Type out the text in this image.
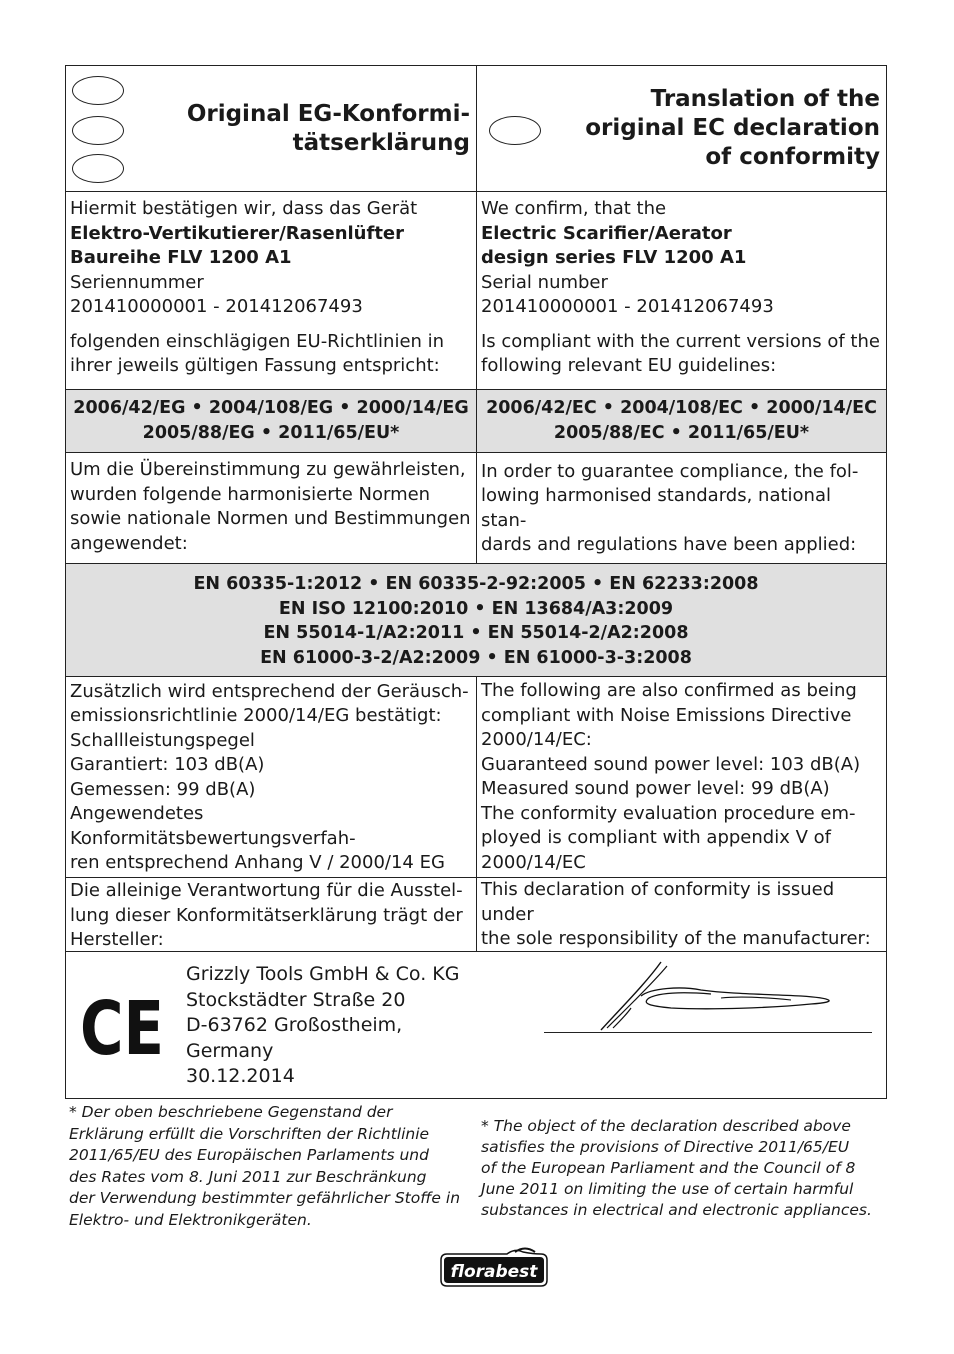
Original EG-Konformi-
tätserklärung
Translation of the
original EC declaration
of conformity
Hiermit bestätigen wir, dass das Gerät
Elektro-Vertikutierer/Rasenlüfter
Baureihe FLV 1200 A1
Seriennummer
201410000001 - 201412067493
folgenden einschlägigen EU-Richtlinien in
ihrer jeweils gültigen Fassung entspricht:
We confirm, that the
Electric Scarifier/Aerator
design series FLV 1200 A1
Serial number
201410000001 - 201412067493
Is compliant with the current versions of the
following relevant EU guidelines:
2006/42/EG • 2004/108/EG • 2000/14/EG
2005/88/EG • 2011/65/EU*
2006/42/EC • 2004/108/EC • 2000/14/EC
2005/88/EC • 2011/65/EU*
Um die Übereinstimmung zu gewährleisten,
wurden folgende harmonisierte Normen
sowie nationale Normen und Bestimmungen
angewendet:
In order to guarantee compliance, the fol-
lowing harmonised standards, national stan-
dards and regulations have been applied:
EN 60335-1:2012 • EN 60335-2-92:2005 • EN 62233:2008
EN ISO 12100:2010 • EN 13684/A3:2009
EN 55014-1/A2:2011 • EN 55014-2/A2:2008
EN 61000-3-2/A2:2009 • EN 61000-3-3:2008
Zusätzlich wird entsprechend der Geräusch-
emissionsrichtlinie 2000/14/EG bestätigt:
Schallleistungspegel
Garantiert: 103 dB(A)
Gemessen: 99 dB(A)
Angewendetes Konformitätsbewertungsverfah-
ren entsprechend Anhang V / 2000/14 EG
The following are also confirmed as being
compliant with Noise Emissions Directive
2000/14/EC:
Guaranteed sound power level: 103 dB(A)
Measured sound power level: 99 dB(A)
The conformity evaluation procedure em-
ployed is compliant with appendix V of
2000/14/EC
Die alleinige Verantwortung für die Ausstel-
lung dieser Konformitätserklärung trägt der
Hersteller:
This declaration of conformity is issued under
the sole responsibility of the manufacturer:
CE
Grizzly Tools GmbH & Co. KG
Stockstädter Straße 20
D-63762 Großostheim,
Germany
30.12.2014
* Der oben beschriebene Gegenstand der
Erklärung erfüllt die Vorschriften der Richtlinie
2011/65/EU des Europäischen Parlaments und
des Rates vom 8. Juni 2011 zur Beschränkung
der Verwendung bestimmter gefährlicher Stoffe in
Elektro- und Elektronikgeräten.
* The object of the declaration described above
satisfies the provisions of Directive 2011/65/EU
of the European Parliament and the Council of 8
June 2011 on limiting the use of certain harmful
substances in electrical and electronic appliances.
florabest
